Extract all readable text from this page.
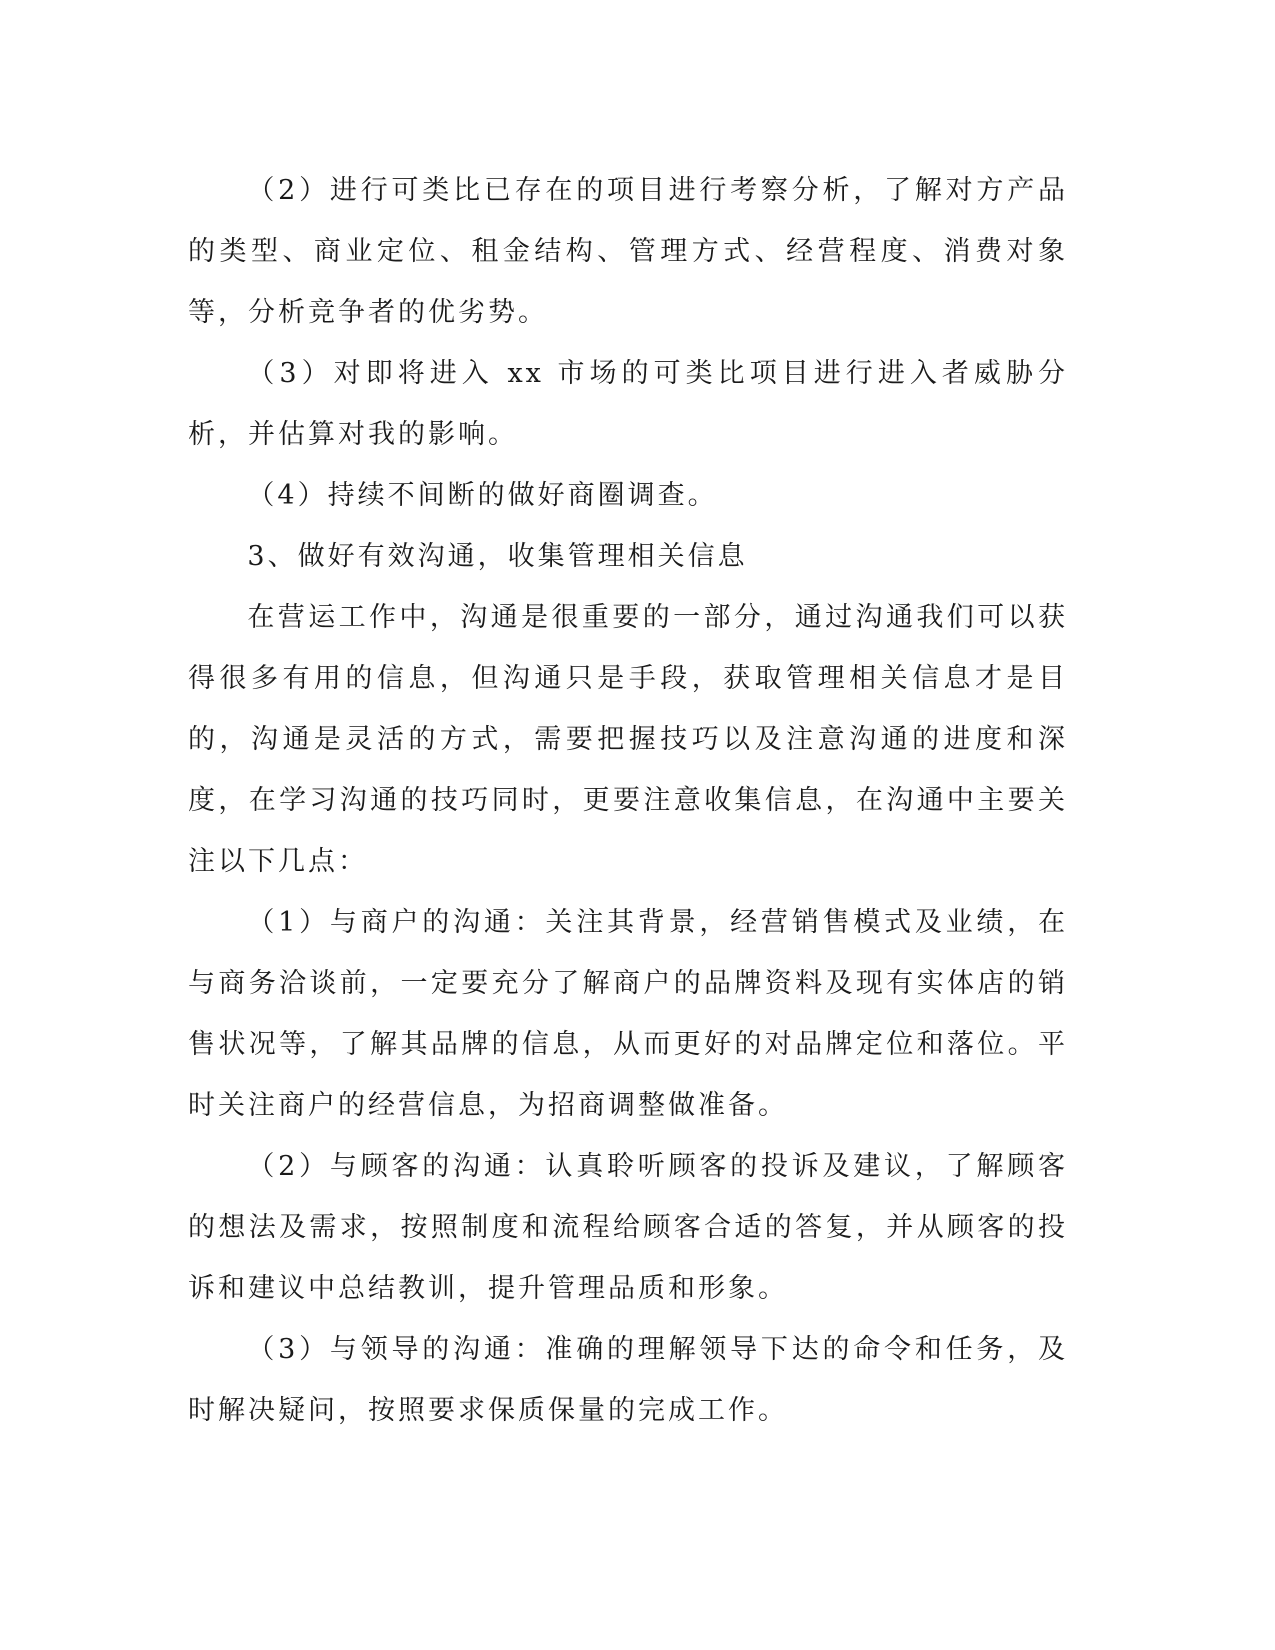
（2）进行可类比已存在的项目进行考察分析，了解对方产品的类型、商业定位、租金结构、管理方式、经营程度、消费对象等，分析竞争者的优劣势。

（3）对即将进入 xx 市场的可类比项目进行进入者威胁分析，并估算对我的影响。

（4）持续不间断的做好商圈调查。

3、做好有效沟通，收集管理相关信息

在营运工作中，沟通是很重要的一部分，通过沟通我们可以获得很多有用的信息，但沟通只是手段，获取管理相关信息才是目的，沟通是灵活的方式，需要把握技巧以及注意沟通的进度和深度，在学习沟通的技巧同时，更要注意收集信息，在沟通中主要关注以下几点：

（1）与商户的沟通：关注其背景，经营销售模式及业绩，在与商务洽谈前，一定要充分了解商户的品牌资料及现有实体店的销售状况等，了解其品牌的信息，从而更好的对品牌定位和落位。平时关注商户的经营信息，为招商调整做准备。

（2）与顾客的沟通：认真聆听顾客的投诉及建议，了解顾客的想法及需求，按照制度和流程给顾客合适的答复，并从顾客的投诉和建议中总结教训，提升管理品质和形象。

（3）与领导的沟通：准确的理解领导下达的命令和任务，及时解决疑问，按照要求保质保量的完成工作。
